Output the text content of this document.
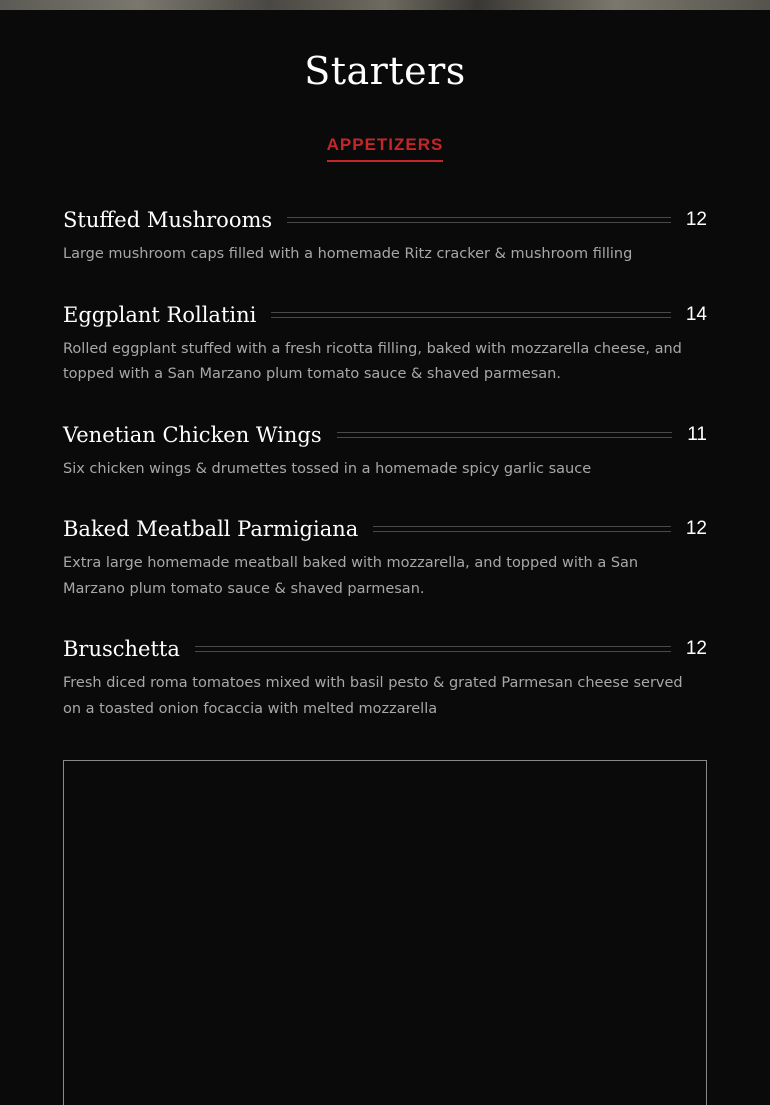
Starters
APPETIZERS
Stuffed Mushrooms	12
Large mushroom caps filled with a homemade Ritz cracker & mushroom filling
Eggplant Rollatini	14
Rolled eggplant stuffed with a fresh ricotta filling, baked with mozzarella cheese, and topped with a San Marzano plum tomato sauce & shaved parmesan.
Venetian Chicken Wings	11
Six chicken wings & drumettes tossed in a homemade spicy garlic sauce
Baked Meatball Parmigiana	12
Extra large homemade meatball baked with mozzarella, and topped with a San Marzano plum tomato sauce & shaved parmesan.
Bruschetta	12
Fresh diced roma tomatoes mixed with basil pesto & grated Parmesan cheese served on a toasted onion focaccia with melted mozzarella
